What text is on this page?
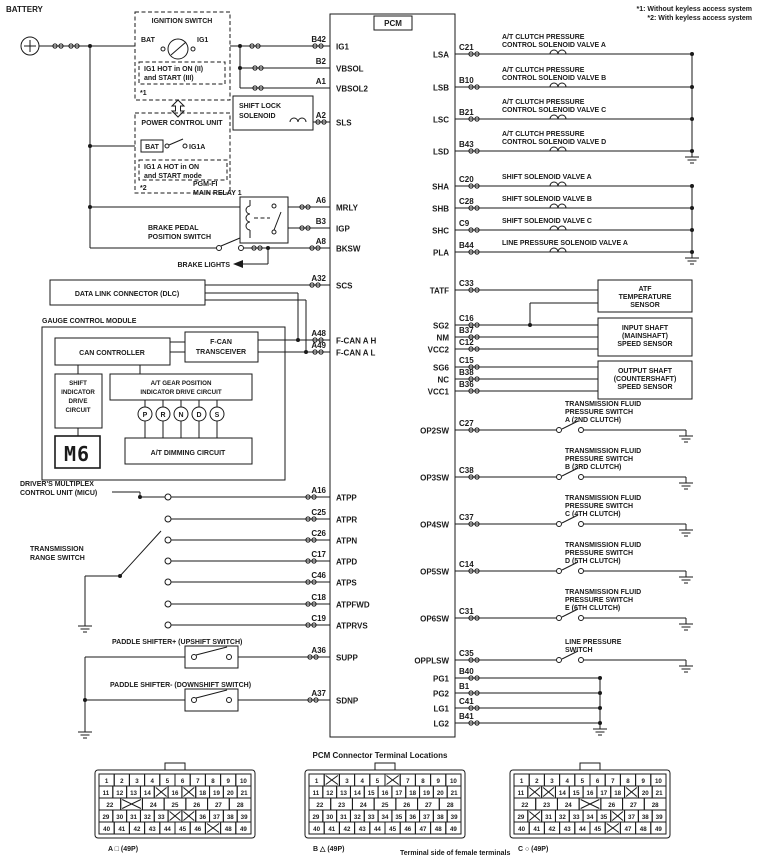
*1: Without keyless access system
*2: With keyless access system
BATTERY
IGNITION SWITCH
BAT	IG1
IG1 HOT in ON (II)
and START (III)
*1
POWER CONTROL UNIT
BAT	IG1A
IG1 A HOT in ON
and START mode
*2
SHIFT LOCK
SOLENOID
PGM-FI
MAIN RELAY 1
BRAKE PEDAL
POSITION SWITCH
BRAKE LIGHTS
DATA LINK CONNECTOR (DLC)
GAUGE CONTROL MODULE
CAN CONTROLLER
F-CAN
TRANSCEIVER
SHIFT
INDICATOR
DRIVE
CIRCUIT
A/T GEAR POSITION
INDICATOR DRIVE CIRCUIT
P R N D S
M6	A/T DIMMING CIRCUIT
DRIVER'S MULTIPLEX
CONTROL UNIT (MICU)
TRANSMISSION
RANGE SWITCH
PADDLE SHIFTER+ (UPSHIFT SWITCH)
PADDLE SHIFTER- (DOWNSHIFT SWITCH)
PCM
ATF
TEMPERATURE
SENSOR
INPUT SHAFT
(MAINSHAFT)
SPEED SENSOR
OUTPUT SHAFT
(COUNTERSHAFT)
SPEED SENSOR
PCM Connector Terminal Locations
A □ (49P)	B △ (49P)	C ○ (49P)
Terminal side of female terminals
B42
IG1
B2
VBSOL
A1
VBSOL2
A2
SLS
A6
MRLY
B3
IGP
A8
BKSW
A32
SCS
A48
F-CAN A H
A49
F-CAN A L
A16
ATPP
C25
ATPR
C26
ATPN
C17
ATPD
C46
ATPS
C18
ATPFWD
C19
ATPRVS
A36
SUPP
A37
SDNP
LSA
C21
A/T CLUTCH PRESSURE
CONTROL SOLENOID VALVE A
LSB
B10
A/T CLUTCH PRESSURE
CONTROL SOLENOID VALVE B
LSC
B21
A/T CLUTCH PRESSURE
CONTROL SOLENOID VALVE C
LSD
B43
A/T CLUTCH PRESSURE
CONTROL SOLENOID VALVE D
SHA
C20	SHIFT SOLENOID VALVE A
SHB
C28	SHIFT SOLENOID VALVE B
SHC
C9	SHIFT SOLENOID VALVE C
PLA
B44	LINE PRESSURE SOLENOID VALVE A
TATF
C33
SG2
C16
NM
B37
VCC2
C12
SG6
C15
NC
B38
VCC1
B36
OP2SW
C27
TRANSMISSION FLUID
PRESSURE SWITCH
A (2ND CLUTCH)
OP3SW
C38
TRANSMISSION FLUID
PRESSURE SWITCH
B (3RD CLUTCH)
OP4SW
C37
TRANSMISSION FLUID
PRESSURE SWITCH
C (4TH CLUTCH)
OP5SW
C14
TRANSMISSION FLUID
PRESSURE SWITCH
D (5TH CLUTCH)
OP6SW
C31
TRANSMISSION FLUID
PRESSURE SWITCH
E (6TH CLUTCH)
OPPLSW
C35
LINE PRESSURE
SWITCH
PG1
B40
PG2
B1
LG1
C41
LG2
B41
1 2 3 4 5 6 7 8 9 10
11 12 13 14	16	18 19 20 21
22	24 25 26 27 28
29 30 31 32 33	36 37 38 39
40 41 42 43 44 45 46	48 49
1	3 4 5	7 8 9 10
11 12 13 14 15 16 17 18 19 20 21
22 23 24 25 26 27 28
29 30 31 32 33 34 35 36 37 38 39
40 41 42 43 44 45 46 47 48 49
1 2 3 4 5 6 7 8 9 10
11	14 15 16 17 18	20 21
22 23 24	26 27 28
29	31 32 33 34 35	37 38 39
40 41 42 43 44 45	47 48 49
